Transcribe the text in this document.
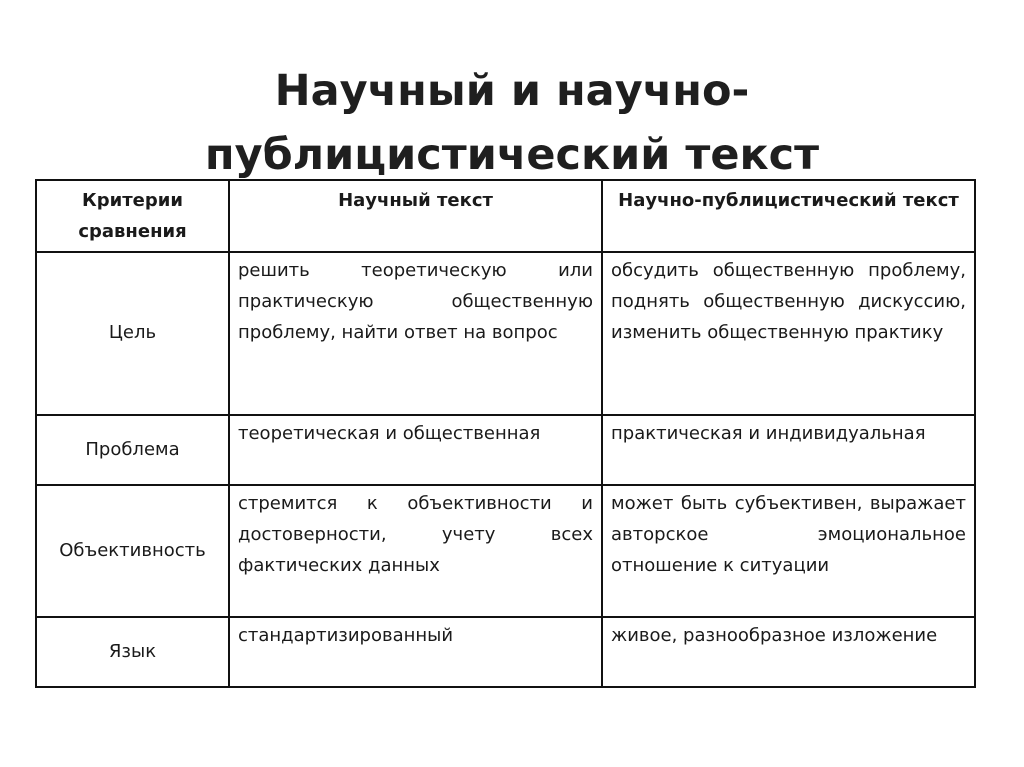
Научный и научно-
публицистический текст
Критерии сравнения	Научный текст	Научно-публицистический текст
Цель	решить теоретическую или практическую общественную проблему, найти ответ на вопрос	обсудить общественную проблему, поднять общественную дискуссию, изменить общественную практику
Проблема	теоретическая и общественная	практическая и индивидуальная
Объективность	стремится к объективности и достоверности, учету всех фактических данных	может быть субъективен, выражает авторское эмоциональное отношение к ситуации
Язык	стандартизированный	живое, разнообразное изложение
